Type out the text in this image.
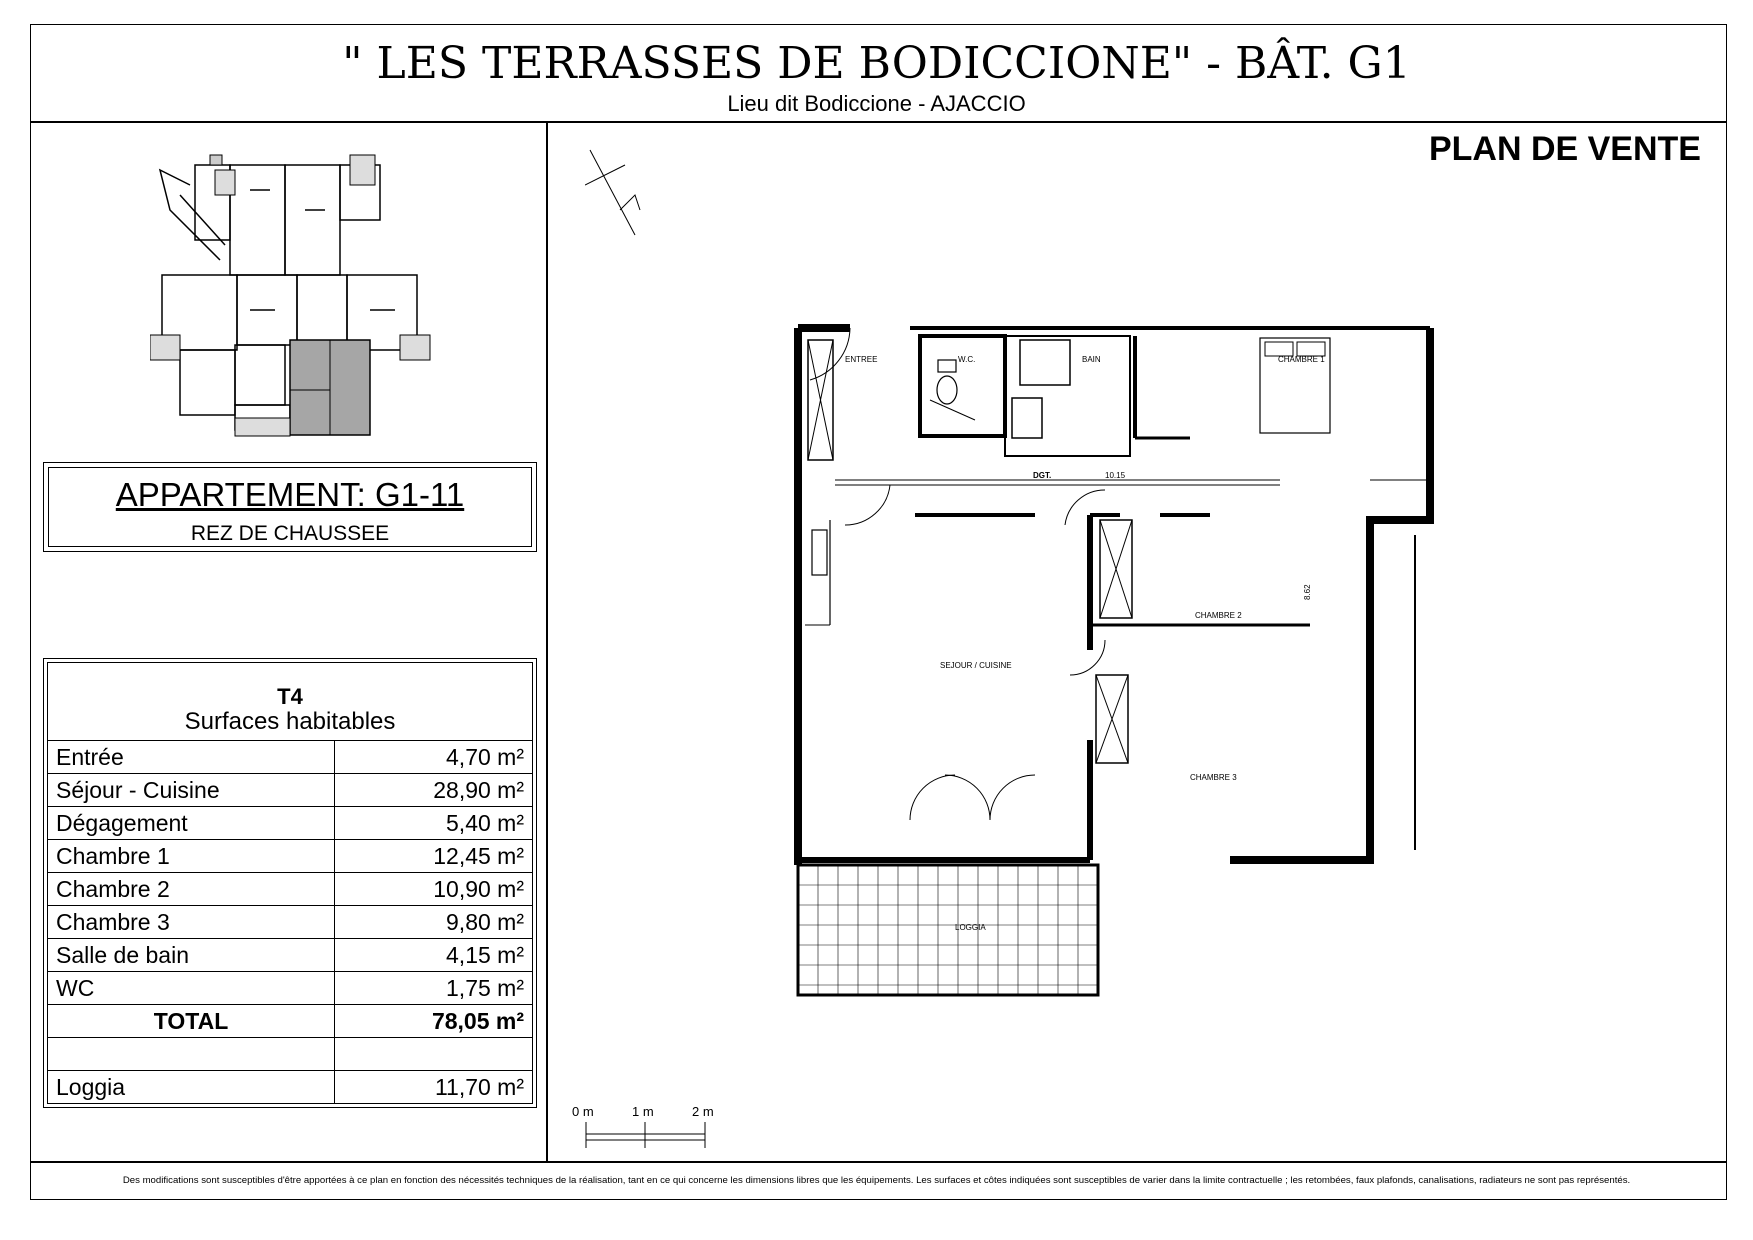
" LES TERRASSES DE BODICCIONE" - BÂT. G1
Lieu dit Bodiccione - AJACCIO
PLAN DE VENTE
APPARTEMENT: G1-11
REZ DE CHAUSSEE
T4
Surfaces habitables
Entrée	4,70 m²
Séjour - Cuisine	28,90 m²
Dégagement	5,40 m²
Chambre 1	12,45 m²
Chambre 2	10,90 m²
Chambre 3	9,80 m²
Salle de bain	4,15 m²
WC	1,75 m²
TOTAL	78,05 m²

Loggia	11,70 m²
ENTREE	W.C.	BAIN	CHAMBRE 1
DGT.	10.15
8.62
CHAMBRE 2
SEJOUR / CUISINE
CHAMBRE 3
LOGGIA
0 m	1 m	2 m
Des modifications sont susceptibles d'être apportées à ce plan en fonction des nécessités techniques de la réalisation, tant en ce qui concerne les dimensions libres que les équipements. Les surfaces et côtes indiquées sont susceptibles de varier dans la limite contractuelle ; les retombées, faux plafonds, canalisations, radiateurs ne sont pas représentés.
